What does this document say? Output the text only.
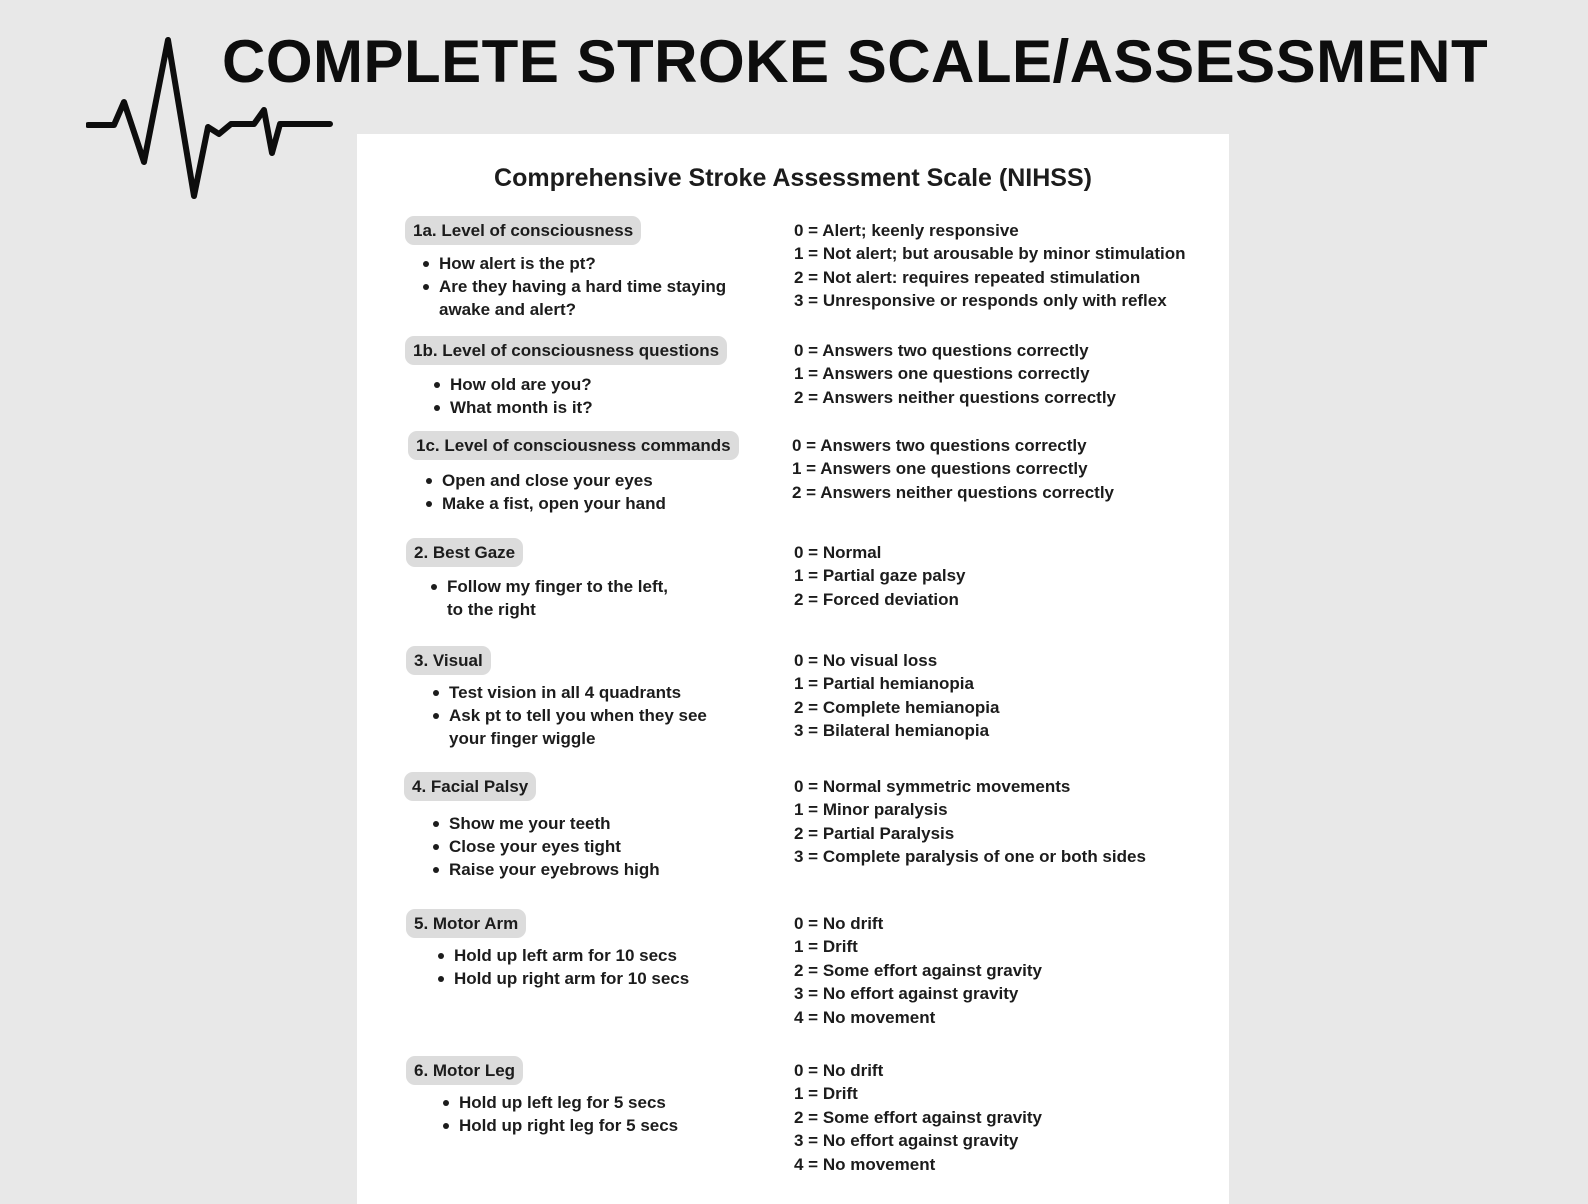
COMPLETE STROKE SCALE/ASSESSMENT
Comprehensive Stroke Assessment Scale (NIHSS)
1a. Level of consciousness
How alert is the pt?
Are they having a hard time staying awake and alert?
0 = Alert; keenly responsive
1 = Not alert; but arousable by minor stimulation
2 = Not alert: requires repeated stimulation
3 = Unresponsive or responds only with reflex
1b. Level of consciousness questions
How old are you?
What month is it?
0 = Answers two questions correctly
1 = Answers one questions correctly
2 = Answers neither questions correctly
1c. Level of consciousness commands
Open and close your eyes
Make a fist, open your hand
0 = Answers two questions correctly
1 = Answers one questions correctly
2 = Answers neither questions correctly
2. Best Gaze
Follow my finger to the left, to the right
0 = Normal
1 = Partial gaze palsy
2 = Forced deviation
3. Visual
Test vision in all 4 quadrants
Ask pt to tell you when they see your finger wiggle
0 = No visual loss
1 = Partial hemianopia
2 = Complete hemianopia
3 = Bilateral hemianopia
4. Facial Palsy
Show me your teeth
Close your eyes tight
Raise your eyebrows high
0 = Normal symmetric movements
1 = Minor paralysis
2 = Partial Paralysis
3 = Complete paralysis of one or both sides
5. Motor Arm
Hold up left arm for 10 secs
Hold up right arm for 10 secs
0 = No drift
1 = Drift
2 = Some effort against gravity
3 = No effort against gravity
4 = No movement
6. Motor Leg
Hold up left leg for 5 secs
Hold up right leg for 5 secs
0 = No drift
1 = Drift
2 = Some effort against gravity
3 = No effort against gravity
4 = No movement
